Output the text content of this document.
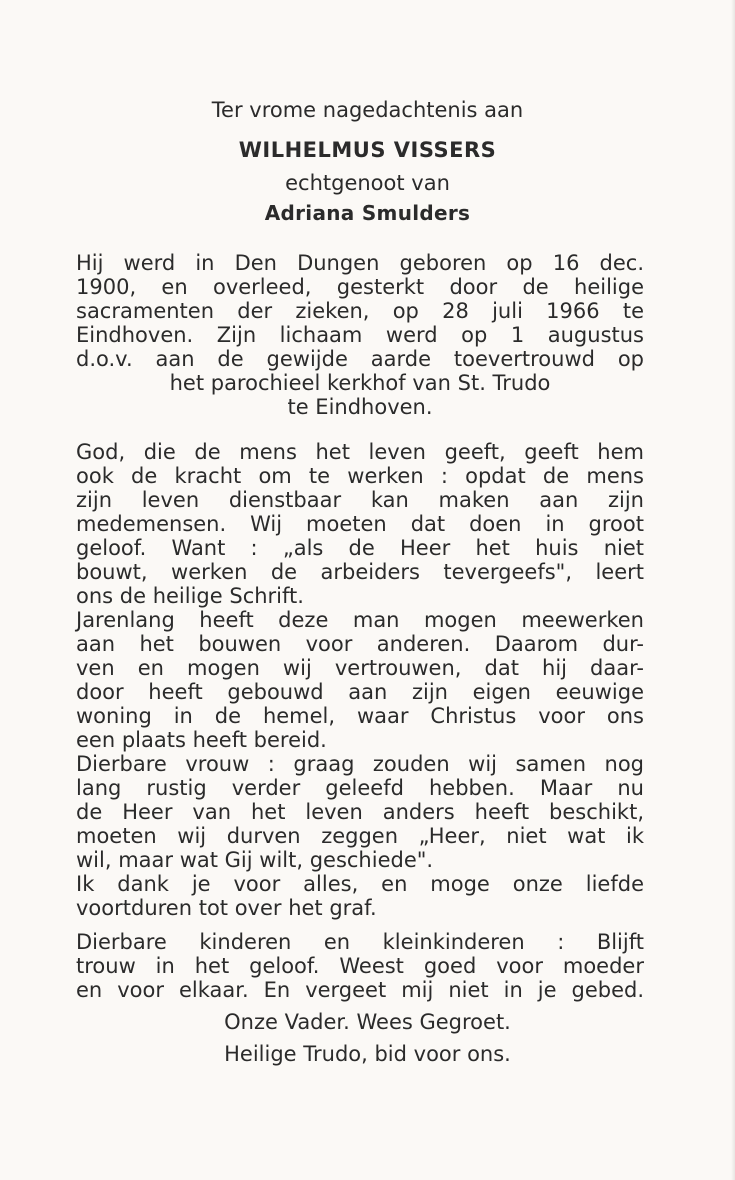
Ter vrome nagedachtenis aan
WILHELMUS VISSERS
echtgenoot van
Adriana Smulders
Hij werd in Den Dungen geboren op 16 dec.
1900, en overleed, gesterkt door de heilige
sacramenten der zieken, op 28 juli 1966 te
Eindhoven. Zijn lichaam werd op 1 augustus
d.o.v. aan de gewijde aarde toevertrouwd op
het parochieel kerkhof van St. Trudo
te Eindhoven.
God, die de mens het leven geeft, geeft hem
ook de kracht om te werken : opdat de mens
zijn leven dienstbaar kan maken aan zijn
medemensen. Wij moeten dat doen in groot
geloof. Want : „als de Heer het huis niet
bouwt, werken de arbeiders tevergeefs", leert
ons de heilige Schrift.
Jarenlang heeft deze man mogen meewerken
aan het bouwen voor anderen. Daarom dur-
ven en mogen wij vertrouwen, dat hij daar-
door heeft gebouwd aan zijn eigen eeuwige
woning in de hemel, waar Christus voor ons
een plaats heeft bereid.
Dierbare vrouw : graag zouden wij samen nog
lang rustig verder geleefd hebben. Maar nu
de Heer van het leven anders heeft beschikt,
moeten wij durven zeggen „Heer, niet wat ik
wil, maar wat Gij wilt, geschiede".
Ik dank je voor alles, en moge onze liefde
voortduren tot over het graf.
Dierbare kinderen en kleinkinderen : Blijft
trouw in het geloof. Weest goed voor moeder
en voor elkaar. En vergeet mij niet in je gebed.
Onze Vader. Wees Gegroet.
Heilige Trudo, bid voor ons.
